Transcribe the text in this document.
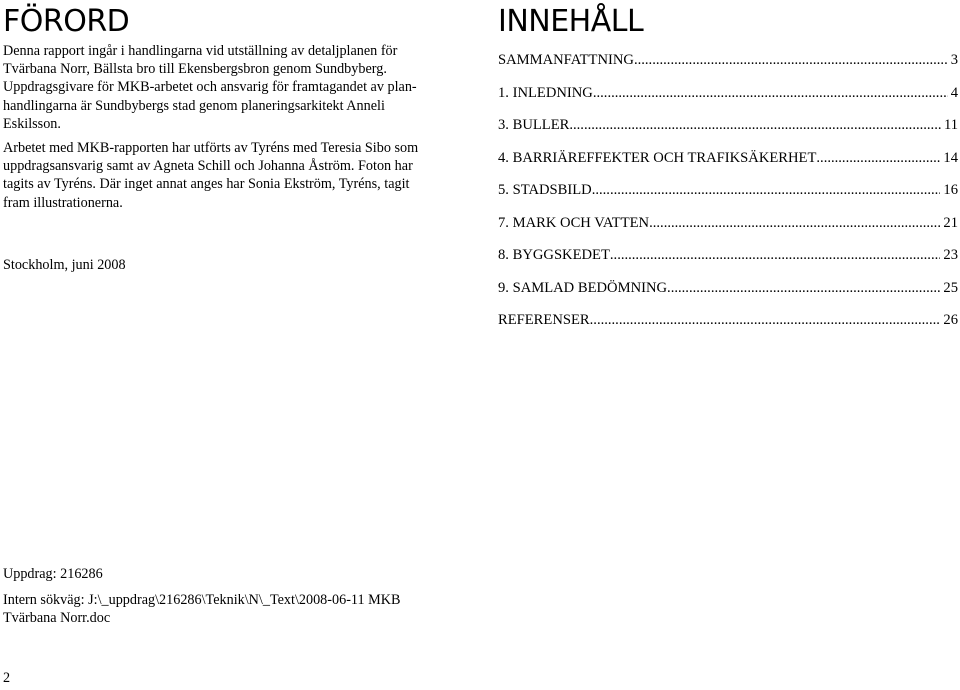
FÖRORD

Denna rapport ingår i handlingarna vid utställning av detaljplanen för Tvärbana Norr, Bällsta bro till Ekensbergsbron genom Sundbyberg. Uppdragsgivare för MKB-arbetet och ansvarig för framtagandet av plan-handlingarna är Sundbybergs stad genom planeringsarkitekt Anneli Eskilsson.

Arbetet med MKB-rapporten har utförts av Tyréns med Teresia Sibo som uppdragsansvarig samt av Agneta Schill och Johanna Åström. Foton har tagits av Tyréns. Där inget annat anges har Sonia Ekström, Tyréns, tagit fram illustrationerna.

Stockholm, juni 2008
INNEHÅLL
SAMMANFATTNING .....	3
1. INLEDNING .....	4
3. BULLER .....	11
4. BARRIÄREFFEKTER OCH TRAFIKSÄKERHET .....	14
5. STADSBILD .....	16
7. MARK OCH VATTEN .....	21
8. BYGGSKEDET .....	23
9. SAMLAD BEDÖMNING .....	25
REFERENSER .....	26

Uppdrag: 216286

Intern sökväg: J:\_uppdrag\216286\Teknik\N\_Text\2008-06-11 MKB Tvärbana Norr.doc

2
